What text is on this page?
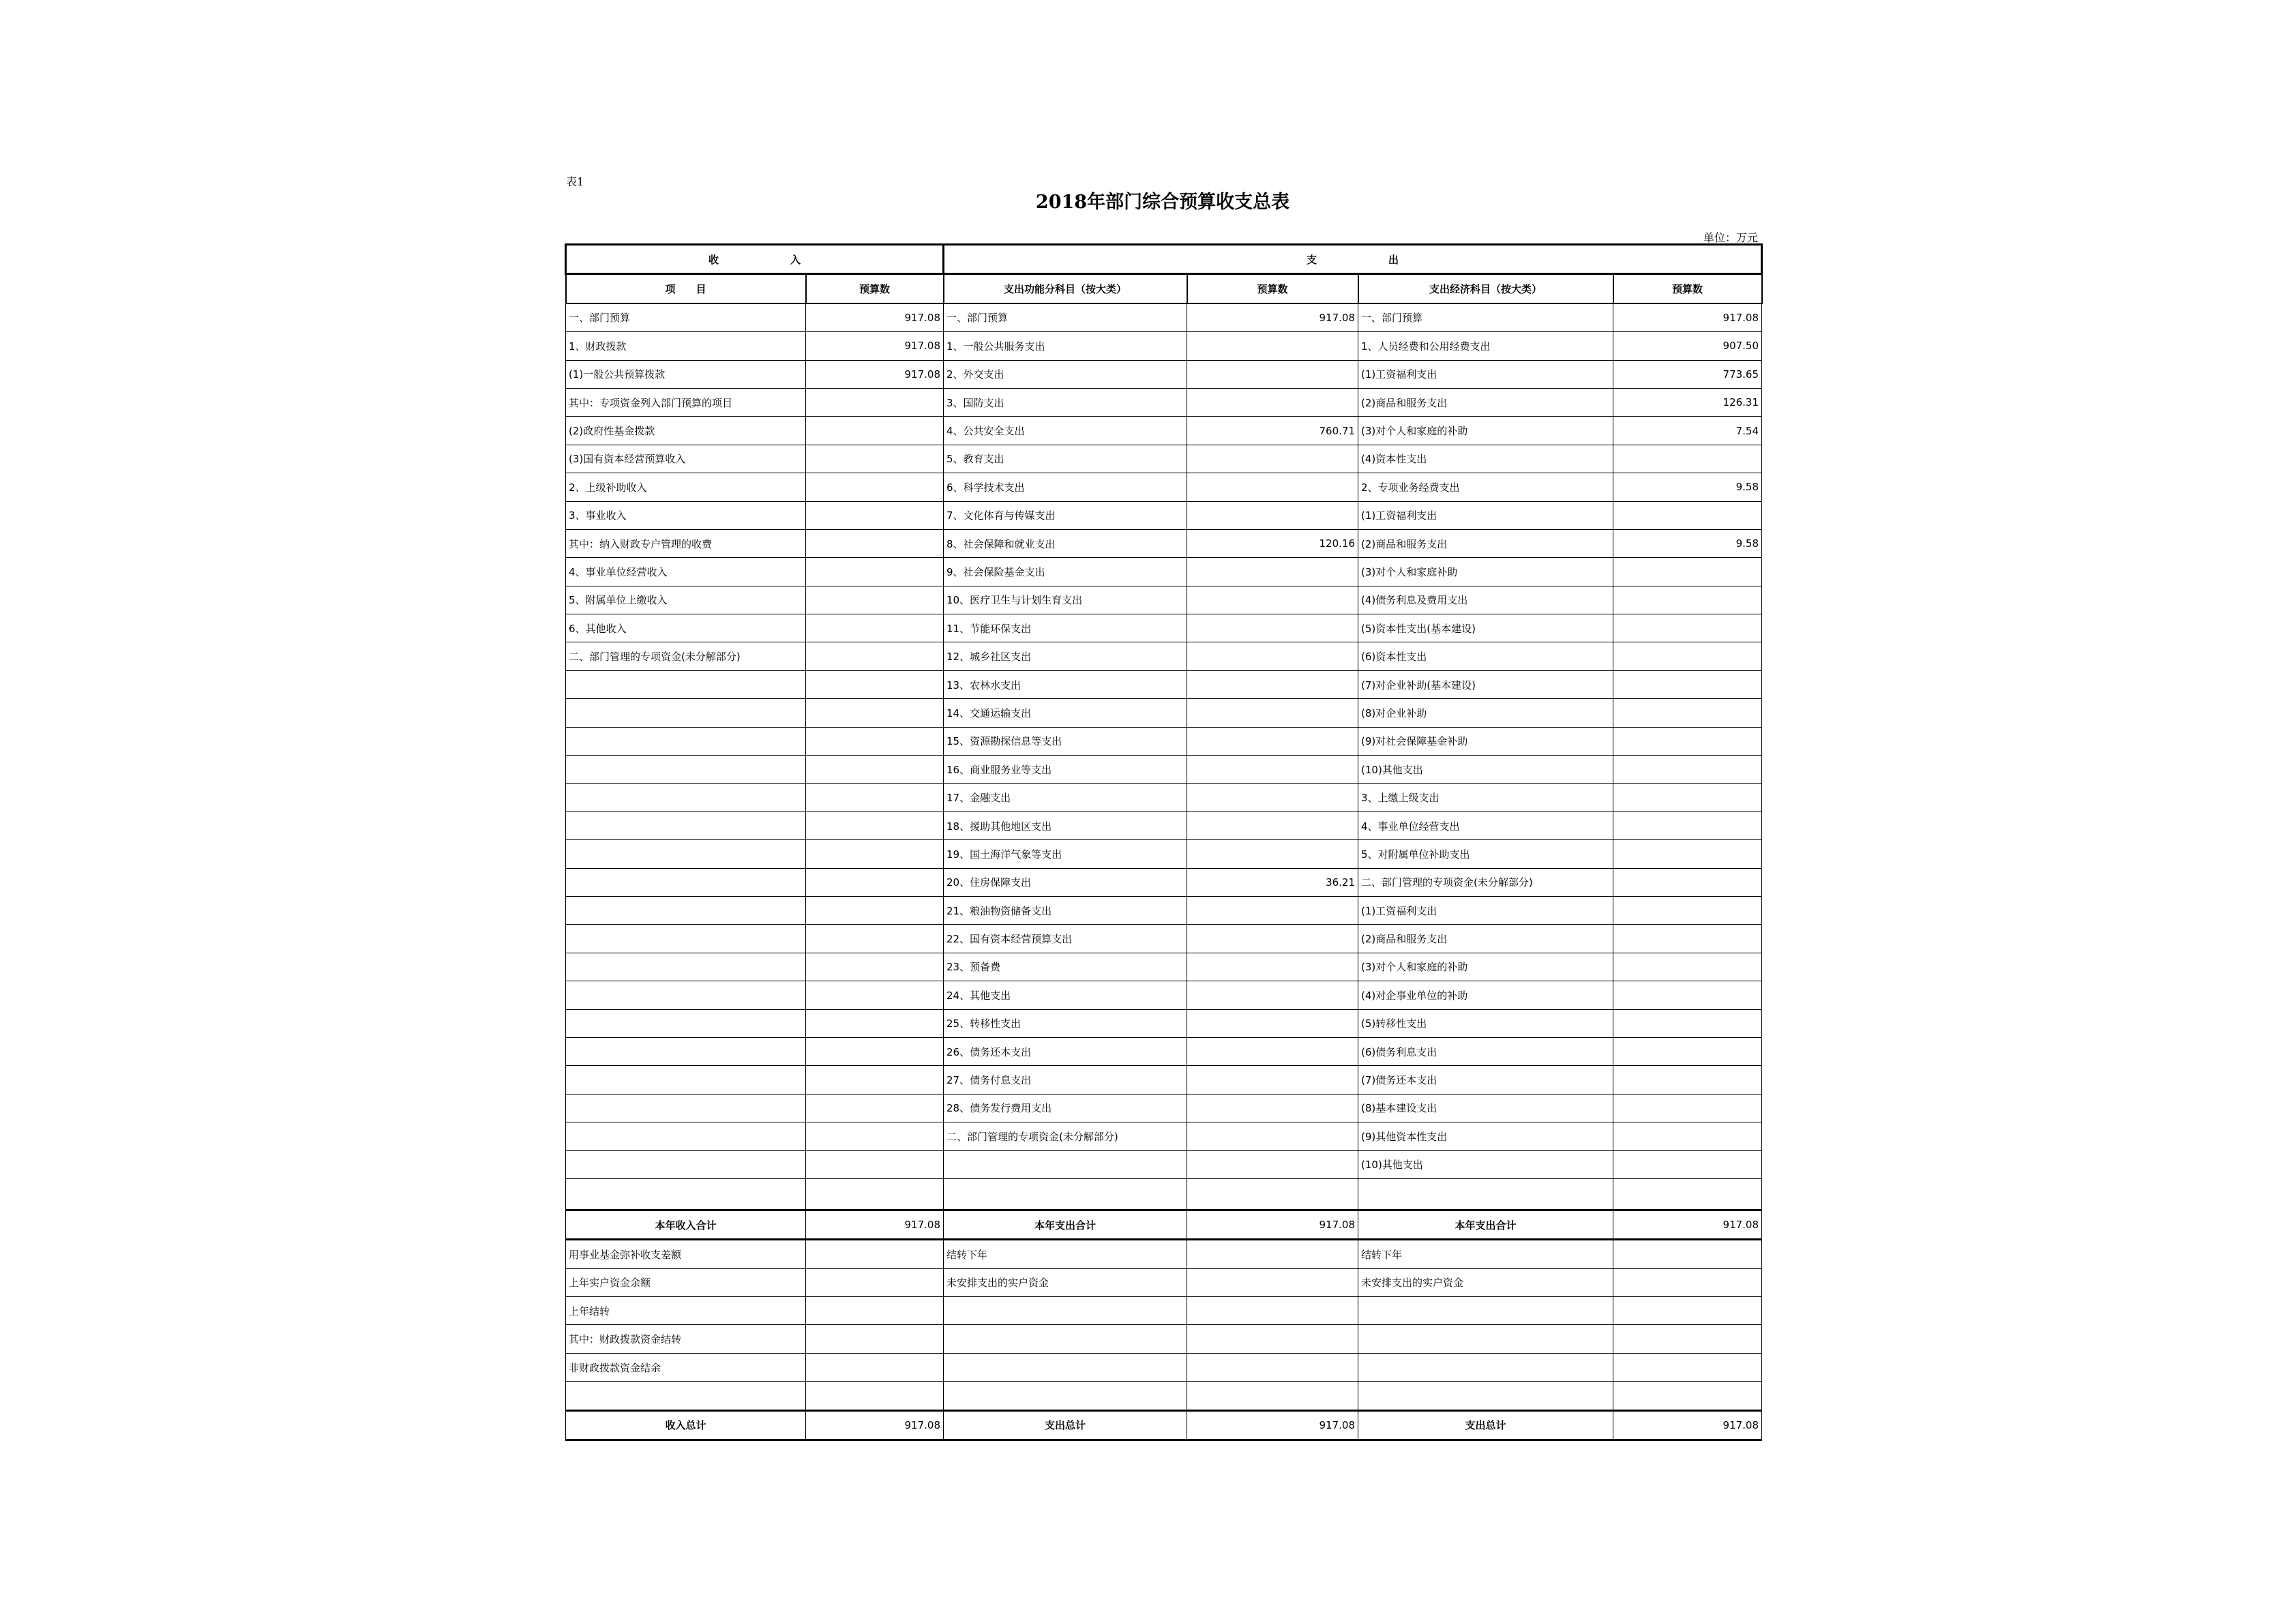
表1
2018年部门综合预算收支总表
单位：万元
收　　　　　　　入		支　　　　　　　出			
项　　目	预算数	支出功能分科目（按大类）	预算数	支出经济科目（按大类）	预算数
一、部门预算	917.08	一、部门预算	917.08	一、部门预算	917.08
1、财政拨款	917.08	1、一般公共服务支出		1、人员经费和公用经费支出	907.50
(1)一般公共预算拨款	917.08	2、外交支出		(1)工资福利支出	773.65
其中：专项资金列入部门预算的项目		3、国防支出		(2)商品和服务支出	126.31
(2)政府性基金拨款		4、公共安全支出	760.71	(3)对个人和家庭的补助	7.54
(3)国有资本经营预算收入		5、教育支出		(4)资本性支出	
2、上级补助收入		6、科学技术支出		2、专项业务经费支出	9.58
3、事业收入		7、文化体育与传媒支出		(1)工资福利支出	
其中：纳入财政专户管理的收费		8、社会保障和就业支出	120.16	(2)商品和服务支出	9.58
4、事业单位经营收入		9、社会保险基金支出		(3)对个人和家庭补助	
5、附属单位上缴收入		10、医疗卫生与计划生育支出		(4)债务利息及费用支出	
6、其他收入		11、节能环保支出		(5)资本性支出(基本建设)	
二、部门管理的专项资金(未分解部分)		12、城乡社区支出		(6)资本性支出	
		13、农林水支出		(7)对企业补助(基本建设)	
		14、交通运输支出		(8)对企业补助	
		15、资源勘探信息等支出		(9)对社会保障基金补助	
		16、商业服务业等支出		(10)其他支出	
		17、金融支出		3、上缴上级支出	
		18、援助其他地区支出		4、事业单位经营支出	
		19、国土海洋气象等支出		5、对附属单位补助支出	
		20、住房保障支出	36.21	二、部门管理的专项资金(未分解部分)	
		21、粮油物资储备支出		(1)工资福利支出	
		22、国有资本经营预算支出		(2)商品和服务支出	
		23、预备费		(3)对个人和家庭的补助	
		24、其他支出		(4)对企事业单位的补助	
		25、转移性支出		(5)转移性支出	
		26、债务还本支出		(6)债务利息支出	
		27、债务付息支出		(7)债务还本支出	
		28、债务发行费用支出		(8)基本建设支出	
		二、部门管理的专项资金(未分解部分)		(9)其他资本性支出	
				(10)其他支出	

本年收入合计	917.08	本年支出合计	917.08	本年支出合计	917.08
用事业基金弥补收支差额		结转下年		结转下年	
上年实户资金余额		未安排支出的实户资金		未安排支出的实户资金	
上年结转					
其中：财政拨款资金结转					
非财政拨款资金结余					

收入总计	917.08	支出总计	917.08	支出总计	917.08
